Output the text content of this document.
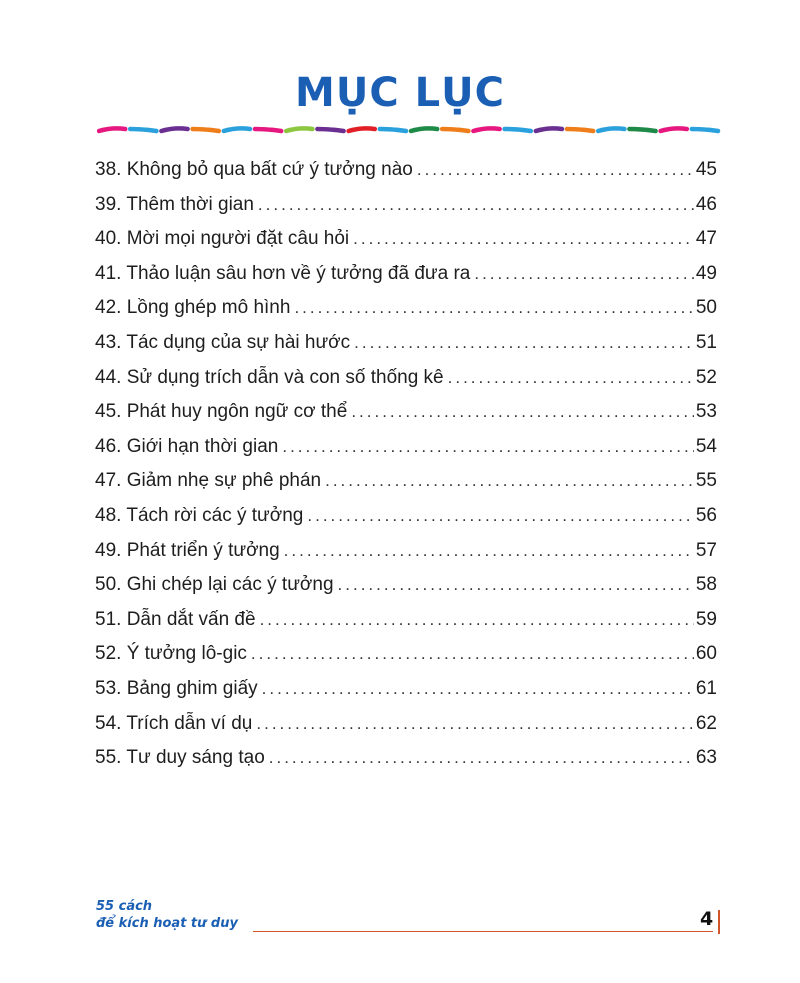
MỤC LỤC
38. Không bỏ qua bất cứ ý tưởng nào .....	45
39. Thêm thời gian .....	46
40. Mời mọi người đặt câu hỏi .....	47
41. Thảo luận sâu hơn về ý tưởng đã đưa ra .....	49
42. Lồng ghép mô hình .....	50
43. Tác dụng của sự hài hước .....	51
44. Sử dụng trích dẫn và con số thống kê .....	52
45. Phát huy ngôn ngữ cơ thể .....	53
46. Giới hạn thời gian .....	54
47. Giảm nhẹ sự phê phán .....	55
48. Tách rời các ý tưởng .....	56
49. Phát triển ý tưởng .....	57
50. Ghi chép lại các ý tưởng .....	58
51. Dẫn dắt vấn đề .....	59
52. Ý tưởng lô-gic .....	60
53. Bảng ghim giấy .....	61
54. Trích dẫn ví dụ .....	62
55. Tư duy sáng tạo .....	63
55 cách
để kích hoạt tư duy	4
